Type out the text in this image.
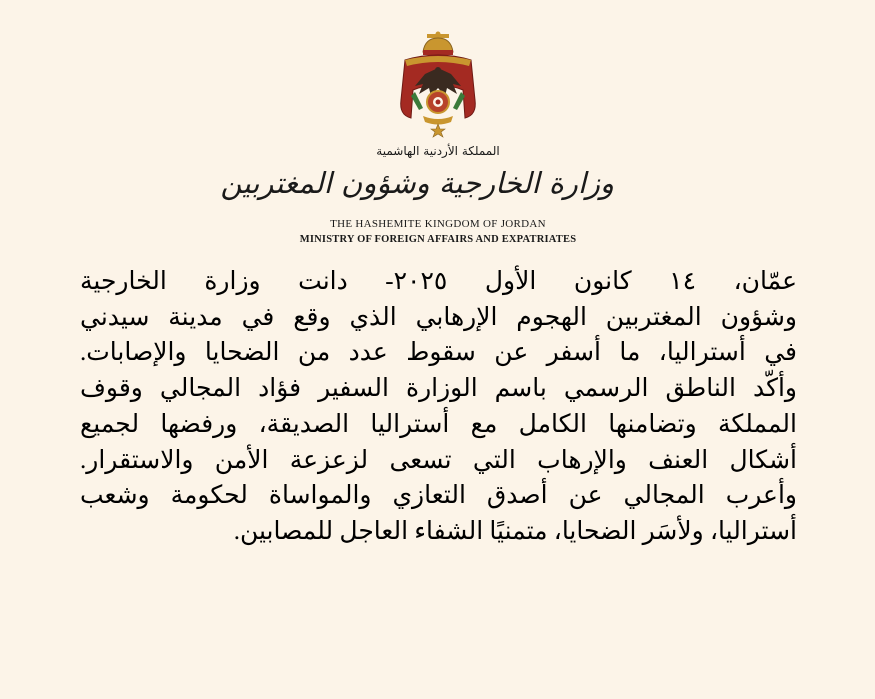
المملكة الأردنية الهاشمية
وزارة الخارجية وشؤون المغتربين
THE HASHEMITE KINGDOM OF JORDAN
MINISTRY OF FOREIGN AFFAIRS AND EXPATRIATES
عمّان، ١٤ كانون الأول ٢٠٢٥- دانت وزارة الخارجية
وشؤون المغتربين الهجوم الإرهابي الذي وقع في مدينة سيدني
في أستراليا، ما أسفر عن سقوط عدد من الضحايا والإصابات.
وأكّد الناطق الرسمي باسم الوزارة السفير فؤاد المجالي وقوف
المملكة وتضامنها الكامل مع أستراليا الصديقة، ورفضها لجميع
أشكال العنف والإرهاب التي تسعى لزعزعة الأمن والاستقرار.
وأعرب المجالي عن أصدق التعازي والمواساة لحكومة وشعب
أستراليا، ولأسَر الضحايا، متمنيًا الشفاء العاجل للمصابين.
